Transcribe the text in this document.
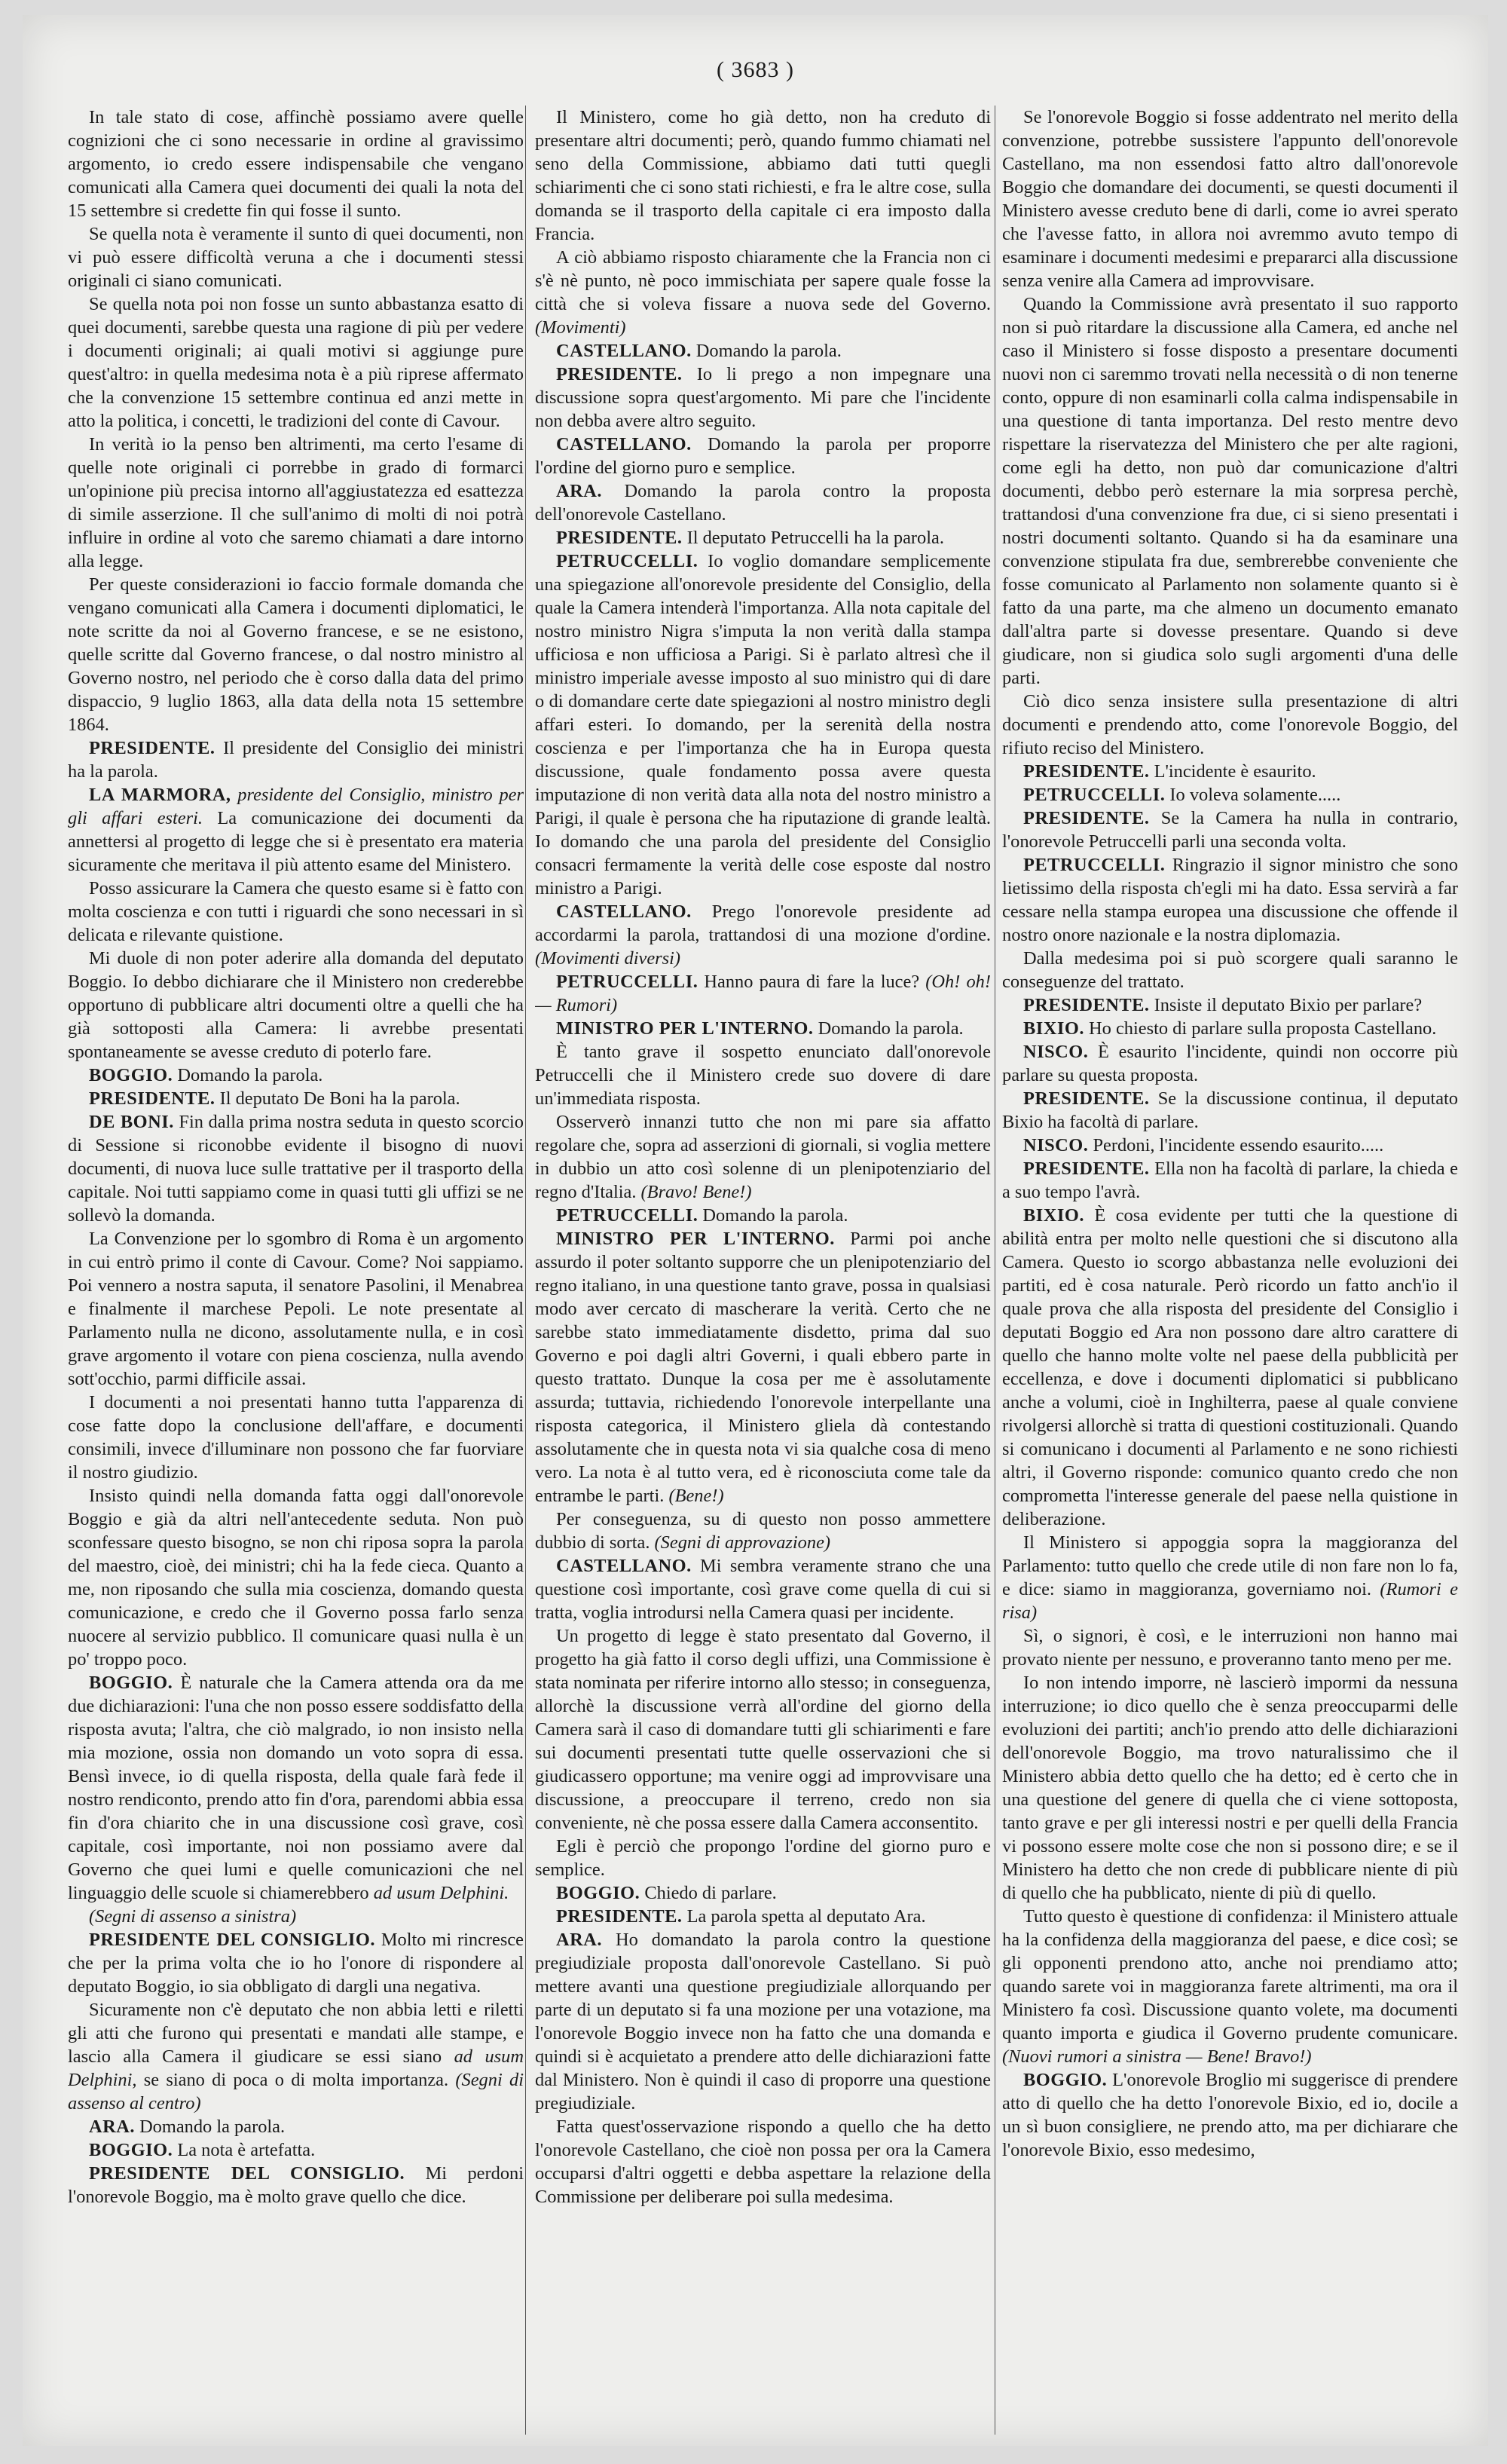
( 3683 )

In tale stato di cose, affinchè possiamo avere quelle cognizioni che ci sono necessarie in ordine al gravissimo argomento, io credo essere indispensabile che vengano comunicati alla Camera quei documenti dei quali la nota del 15 settembre si credette fin qui fosse il sunto.

Se quella nota è veramente il sunto di quei documenti, non vi può essere difficoltà veruna a che i documenti stessi originali ci siano comunicati.

Se quella nota poi non fosse un sunto abbastanza esatto di quei documenti, sarebbe questa una ragione di più per vedere i documenti originali; ai quali motivi si aggiunge pure quest'altro: in quella medesima nota è a più riprese affermato che la convenzione 15 settembre continua ed anzi mette in atto la politica, i concetti, le tradizioni del conte di Cavour.

In verità io la penso ben altrimenti, ma certo l'esame di quelle note originali ci porrebbe in grado di formarci un'opinione più precisa intorno all'aggiustatezza ed esattezza di simile asserzione. Il che sull'animo di molti di noi potrà influire in ordine al voto che saremo chiamati a dare intorno alla legge.

Per queste considerazioni io faccio formale domanda che vengano comunicati alla Camera i documenti diplomatici, le note scritte da noi al Governo francese, e se ne esistono, quelle scritte dal Governo francese, o dal nostro ministro al Governo nostro, nel periodo che è corso dalla data del primo dispaccio, 9 luglio 1863, alla data della nota 15 settembre 1864.

PRESIDENTE. Il presidente del Consiglio dei ministri ha la parola.

LA MARMORA, presidente del Consiglio, ministro per gli affari esteri. La comunicazione dei documenti da annettersi al progetto di legge che si è presentato era materia sicuramente che meritava il più attento esame del Ministero.

Posso assicurare la Camera che questo esame si è fatto con molta coscienza e con tutti i riguardi che sono necessari in sì delicata e rilevante quistione.

Mi duole di non poter aderire alla domanda del deputato Boggio. Io debbo dichiarare che il Ministero non crederebbe opportuno di pubblicare altri documenti oltre a quelli che ha già sottoposti alla Camera: li avrebbe presentati spontaneamente se avesse creduto di poterlo fare.

BOGGIO. Domando la parola.

PRESIDENTE. Il deputato De Boni ha la parola.

DE BONI. Fin dalla prima nostra seduta in questo scorcio di Sessione si riconobbe evidente il bisogno di nuovi documenti, di nuova luce sulle trattative per il trasporto della capitale. Noi tutti sappiamo come in quasi tutti gli uffizi se ne sollevò la domanda.

La Convenzione per lo sgombro di Roma è un argomento in cui entrò primo il conte di Cavour. Come? Noi sappiamo. Poi vennero a nostra saputa, il senatore Pasolini, il Menabrea e finalmente il marchese Pepoli. Le note presentate al Parlamento nulla ne dicono, assolutamente nulla, e in così grave argomento il votare con piena coscienza, nulla avendo sott'occhio, parmi difficile assai.

I documenti a noi presentati hanno tutta l'apparenza di cose fatte dopo la conclusione dell'affare, e documenti consimili, invece d'illuminare non possono che far fuorviare il nostro giudizio.

Insisto quindi nella domanda fatta oggi dall'onorevole Boggio e già da altri nell'antecedente seduta. Non può sconfessare questo bisogno, se non chi riposa sopra la parola del maestro, cioè, dei ministri; chi ha la fede cieca. Quanto a me, non riposando che sulla mia coscienza, domando questa comunicazione, e credo che il Governo possa farlo senza nuocere al servizio pubblico. Il comunicare quasi nulla è un po' troppo poco.

BOGGIO. È naturale che la Camera attenda ora da me due dichiarazioni: l'una che non posso essere soddisfatto della risposta avuta; l'altra, che ciò malgrado, io non insisto nella mia mozione, ossia non domando un voto sopra di essa. Bensì invece, io di quella risposta, della quale farà fede il nostro rendiconto, prendo atto fin d'ora, parendomi abbia essa fin d'ora chiarito che in una discussione così grave, così capitale, così importante, noi non possiamo avere dal Governo che quei lumi e quelle comunicazioni che nel linguaggio delle scuole si chiamerebbero ad usum Delphini.

(Segni di assenso a sinistra)

PRESIDENTE DEL CONSIGLIO. Molto mi rincresce che per la prima volta che io ho l'onore di rispondere al deputato Boggio, io sia obbligato di dargli una negativa.

Sicuramente non c'è deputato che non abbia letti e riletti gli atti che furono qui presentati e mandati alle stampe, e lascio alla Camera il giudicare se essi siano ad usum Delphini, se siano di poca o di molta importanza. (Segni di assenso al centro)

ARA. Domando la parola.

BOGGIO. La nota è artefatta.

PRESIDENTE DEL CONSIGLIO. Mi perdoni l'onorevole Boggio, ma è molto grave quello che dice.

Il Ministero, come ho già detto, non ha creduto di presentare altri documenti; però, quando fummo chiamati nel seno della Commissione, abbiamo dati tutti quegli schiarimenti che ci sono stati richiesti, e fra le altre cose, sulla domanda se il trasporto della capitale ci era imposto dalla Francia.

A ciò abbiamo risposto chiaramente che la Francia non ci s'è nè punto, nè poco immischiata per sapere quale fosse la città che si voleva fissare a nuova sede del Governo. (Movimenti)

CASTELLANO. Domando la parola.

PRESIDENTE. Io li prego a non impegnare una discussione sopra quest'argomento. Mi pare che l'incidente non debba avere altro seguito.

CASTELLANO. Domando la parola per proporre l'ordine del giorno puro e semplice.

ARA. Domando la parola contro la proposta dell'onorevole Castellano.

PRESIDENTE. Il deputato Petruccelli ha la parola.

PETRUCCELLI. Io voglio domandare semplicemente una spiegazione all'onorevole presidente del Consiglio, della quale la Camera intenderà l'importanza. Alla nota capitale del nostro ministro Nigra s'imputa la non verità dalla stampa ufficiosa e non ufficiosa a Parigi. Si è parlato altresì che il ministro imperiale avesse imposto al suo ministro qui di dare o di domandare certe date spiegazioni al nostro ministro degli affari esteri. Io domando, per la serenità della nostra coscienza e per l'importanza che ha in Europa questa discussione, quale fondamento possa avere questa imputazione di non verità data alla nota del nostro ministro a Parigi, il quale è persona che ha riputazione di grande lealtà. Io domando che una parola del presidente del Consiglio consacri fermamente la verità delle cose esposte dal nostro ministro a Parigi.

CASTELLANO. Prego l'onorevole presidente ad accordarmi la parola, trattandosi di una mozione d'ordine. (Movimenti diversi)

PETRUCCELLI. Hanno paura di fare la luce? (Oh! oh! — Rumori)

MINISTRO PER L'INTERNO. Domando la parola.

È tanto grave il sospetto enunciato dall'onorevole Petruccelli che il Ministero crede suo dovere di dare un'immediata risposta.

Osserverò innanzi tutto che non mi pare sia affatto regolare che, sopra ad asserzioni di giornali, si voglia mettere in dubbio un atto così solenne di un plenipotenziario del regno d'Italia. (Bravo! Bene!)

PETRUCCELLI. Domando la parola.

MINISTRO PER L'INTERNO. Parmi poi anche assurdo il poter soltanto supporre che un plenipotenziario del regno italiano, in una questione tanto grave, possa in qualsiasi modo aver cercato di mascherare la verità. Certo che ne sarebbe stato immediatamente disdetto, prima dal suo Governo e poi dagli altri Governi, i quali ebbero parte in questo trattato. Dunque la cosa per me è assolutamente assurda; tuttavia, richiedendo l'onorevole interpellante una risposta categorica, il Ministero gliela dà contestando assolutamente che in questa nota vi sia qualche cosa di meno vero. La nota è al tutto vera, ed è riconosciuta come tale da entrambe le parti. (Bene!)

Per conseguenza, su di questo non posso ammettere dubbio di sorta. (Segni di approvazione)

CASTELLANO. Mi sembra veramente strano che una questione così importante, così grave come quella di cui si tratta, voglia introdursi nella Camera quasi per incidente.

Un progetto di legge è stato presentato dal Governo, il progetto ha già fatto il corso degli uffizi, una Commissione è stata nominata per riferire intorno allo stesso; in conseguenza, allorchè la discussione verrà all'ordine del giorno della Camera sarà il caso di domandare tutti gli schiarimenti e fare sui documenti presentati tutte quelle osservazioni che si giudicassero opportune; ma venire oggi ad improvvisare una discussione, a preoccupare il terreno, credo non sia conveniente, nè che possa essere dalla Camera acconsentito.

Egli è perciò che propongo l'ordine del giorno puro e semplice.

BOGGIO. Chiedo di parlare.

PRESIDENTE. La parola spetta al deputato Ara.

ARA. Ho domandato la parola contro la questione pregiudiziale proposta dall'onorevole Castellano. Si può mettere avanti una questione pregiudiziale allorquando per parte di un deputato si fa una mozione per una votazione, ma l'onorevole Boggio invece non ha fatto che una domanda e quindi si è acquietato a prendere atto delle dichiarazioni fatte dal Ministero. Non è quindi il caso di proporre una questione pregiudiziale.

Fatta quest'osservazione rispondo a quello che ha detto l'onorevole Castellano, che cioè non possa per ora la Camera occuparsi d'altri oggetti e debba aspettare la relazione della Commissione per deliberare poi sulla medesima.

Se l'onorevole Boggio si fosse addentrato nel merito della convenzione, potrebbe sussistere l'appunto dell'onorevole Castellano, ma non essendosi fatto altro dall'onorevole Boggio che domandare dei documenti, se questi documenti il Ministero avesse creduto bene di darli, come io avrei sperato che l'avesse fatto, in allora noi avremmo avuto tempo di esaminare i documenti medesimi e prepararci alla discussione senza venire alla Camera ad improvvisare.

Quando la Commissione avrà presentato il suo rapporto non si può ritardare la discussione alla Camera, ed anche nel caso il Ministero si fosse disposto a presentare documenti nuovi non ci saremmo trovati nella necessità o di non tenerne conto, oppure di non esaminarli colla calma indispensabile in una questione di tanta importanza. Del resto mentre devo rispettare la riservatezza del Ministero che per alte ragioni, come egli ha detto, non può dar comunicazione d'altri documenti, debbo però esternare la mia sorpresa perchè, trattandosi d'una convenzione fra due, ci si sieno presentati i nostri documenti soltanto. Quando si ha da esaminare una convenzione stipulata fra due, sembrerebbe conveniente che fosse comunicato al Parlamento non solamente quanto si è fatto da una parte, ma che almeno un documento emanato dall'altra parte si dovesse presentare. Quando si deve giudicare, non si giudica solo sugli argomenti d'una delle parti.

Ciò dico senza insistere sulla presentazione di altri documenti e prendendo atto, come l'onorevole Boggio, del rifiuto reciso del Ministero.

PRESIDENTE. L'incidente è esaurito.

PETRUCCELLI. Io voleva solamente.....

PRESIDENTE. Se la Camera ha nulla in contrario, l'onorevole Petruccelli parli una seconda volta.

PETRUCCELLI. Ringrazio il signor ministro che sono lietissimo della risposta ch'egli mi ha dato. Essa servirà a far cessare nella stampa europea una discussione che offende il nostro onore nazionale e la nostra diplomazia.

Dalla medesima poi si può scorgere quali saranno le conseguenze del trattato.

PRESIDENTE. Insiste il deputato Bixio per parlare?

BIXIO. Ho chiesto di parlare sulla proposta Castellano.

NISCO. È esaurito l'incidente, quindi non occorre più parlare su questa proposta.

PRESIDENTE. Se la discussione continua, il deputato Bixio ha facoltà di parlare.

NISCO. Perdoni, l'incidente essendo esaurito.....

PRESIDENTE. Ella non ha facoltà di parlare, la chieda e a suo tempo l'avrà.

BIXIO. È cosa evidente per tutti che la questione di abilità entra per molto nelle questioni che si discutono alla Camera. Questo io scorgo abbastanza nelle evoluzioni dei partiti, ed è cosa naturale. Però ricordo un fatto anch'io il quale prova che alla risposta del presidente del Consiglio i deputati Boggio ed Ara non possono dare altro carattere di quello che hanno molte volte nel paese della pubblicità per eccellenza, e dove i documenti diplomatici si pubblicano anche a volumi, cioè in Inghilterra, paese al quale conviene rivolgersi allorchè si tratta di questioni costituzionali. Quando si comunicano i documenti al Parlamento e ne sono richiesti altri, il Governo risponde: comunico quanto credo che non comprometta l'interesse generale del paese nella quistione in deliberazione.

Il Ministero si appoggia sopra la maggioranza del Parlamento: tutto quello che crede utile di non fare non lo fa, e dice: siamo in maggioranza, governiamo noi. (Rumori e risa)

Sì, o signori, è così, e le interruzioni non hanno mai provato niente per nessuno, e proveranno tanto meno per me.

Io non intendo imporre, nè lascierò impormi da nessuna interruzione; io dico quello che è senza preoccuparmi delle evoluzioni dei partiti; anch'io prendo atto delle dichiarazioni dell'onorevole Boggio, ma trovo naturalissimo che il Ministero abbia detto quello che ha detto; ed è certo che in una questione del genere di quella che ci viene sottoposta, tanto grave e per gli interessi nostri e per quelli della Francia vi possono essere molte cose che non si possono dire; e se il Ministero ha detto che non crede di pubblicare niente di più di quello che ha pubblicato, niente di più di quello.

Tutto questo è questione di confidenza: il Ministero attuale ha la confidenza della maggioranza del paese, e dice così; se gli opponenti prendono atto, anche noi prendiamo atto; quando sarete voi in maggioranza farete altrimenti, ma ora il Ministero fa così. Discussione quanto volete, ma documenti quanto importa e giudica il Governo prudente comunicare. (Nuovi rumori a sinistra — Bene! Bravo!)

BOGGIO. L'onorevole Broglio mi suggerisce di prendere atto di quello che ha detto l'onorevole Bixio, ed io, docile a un sì buon consigliere, ne prendo atto, ma per dichiarare che l'onorevole Bixio, esso medesimo,
